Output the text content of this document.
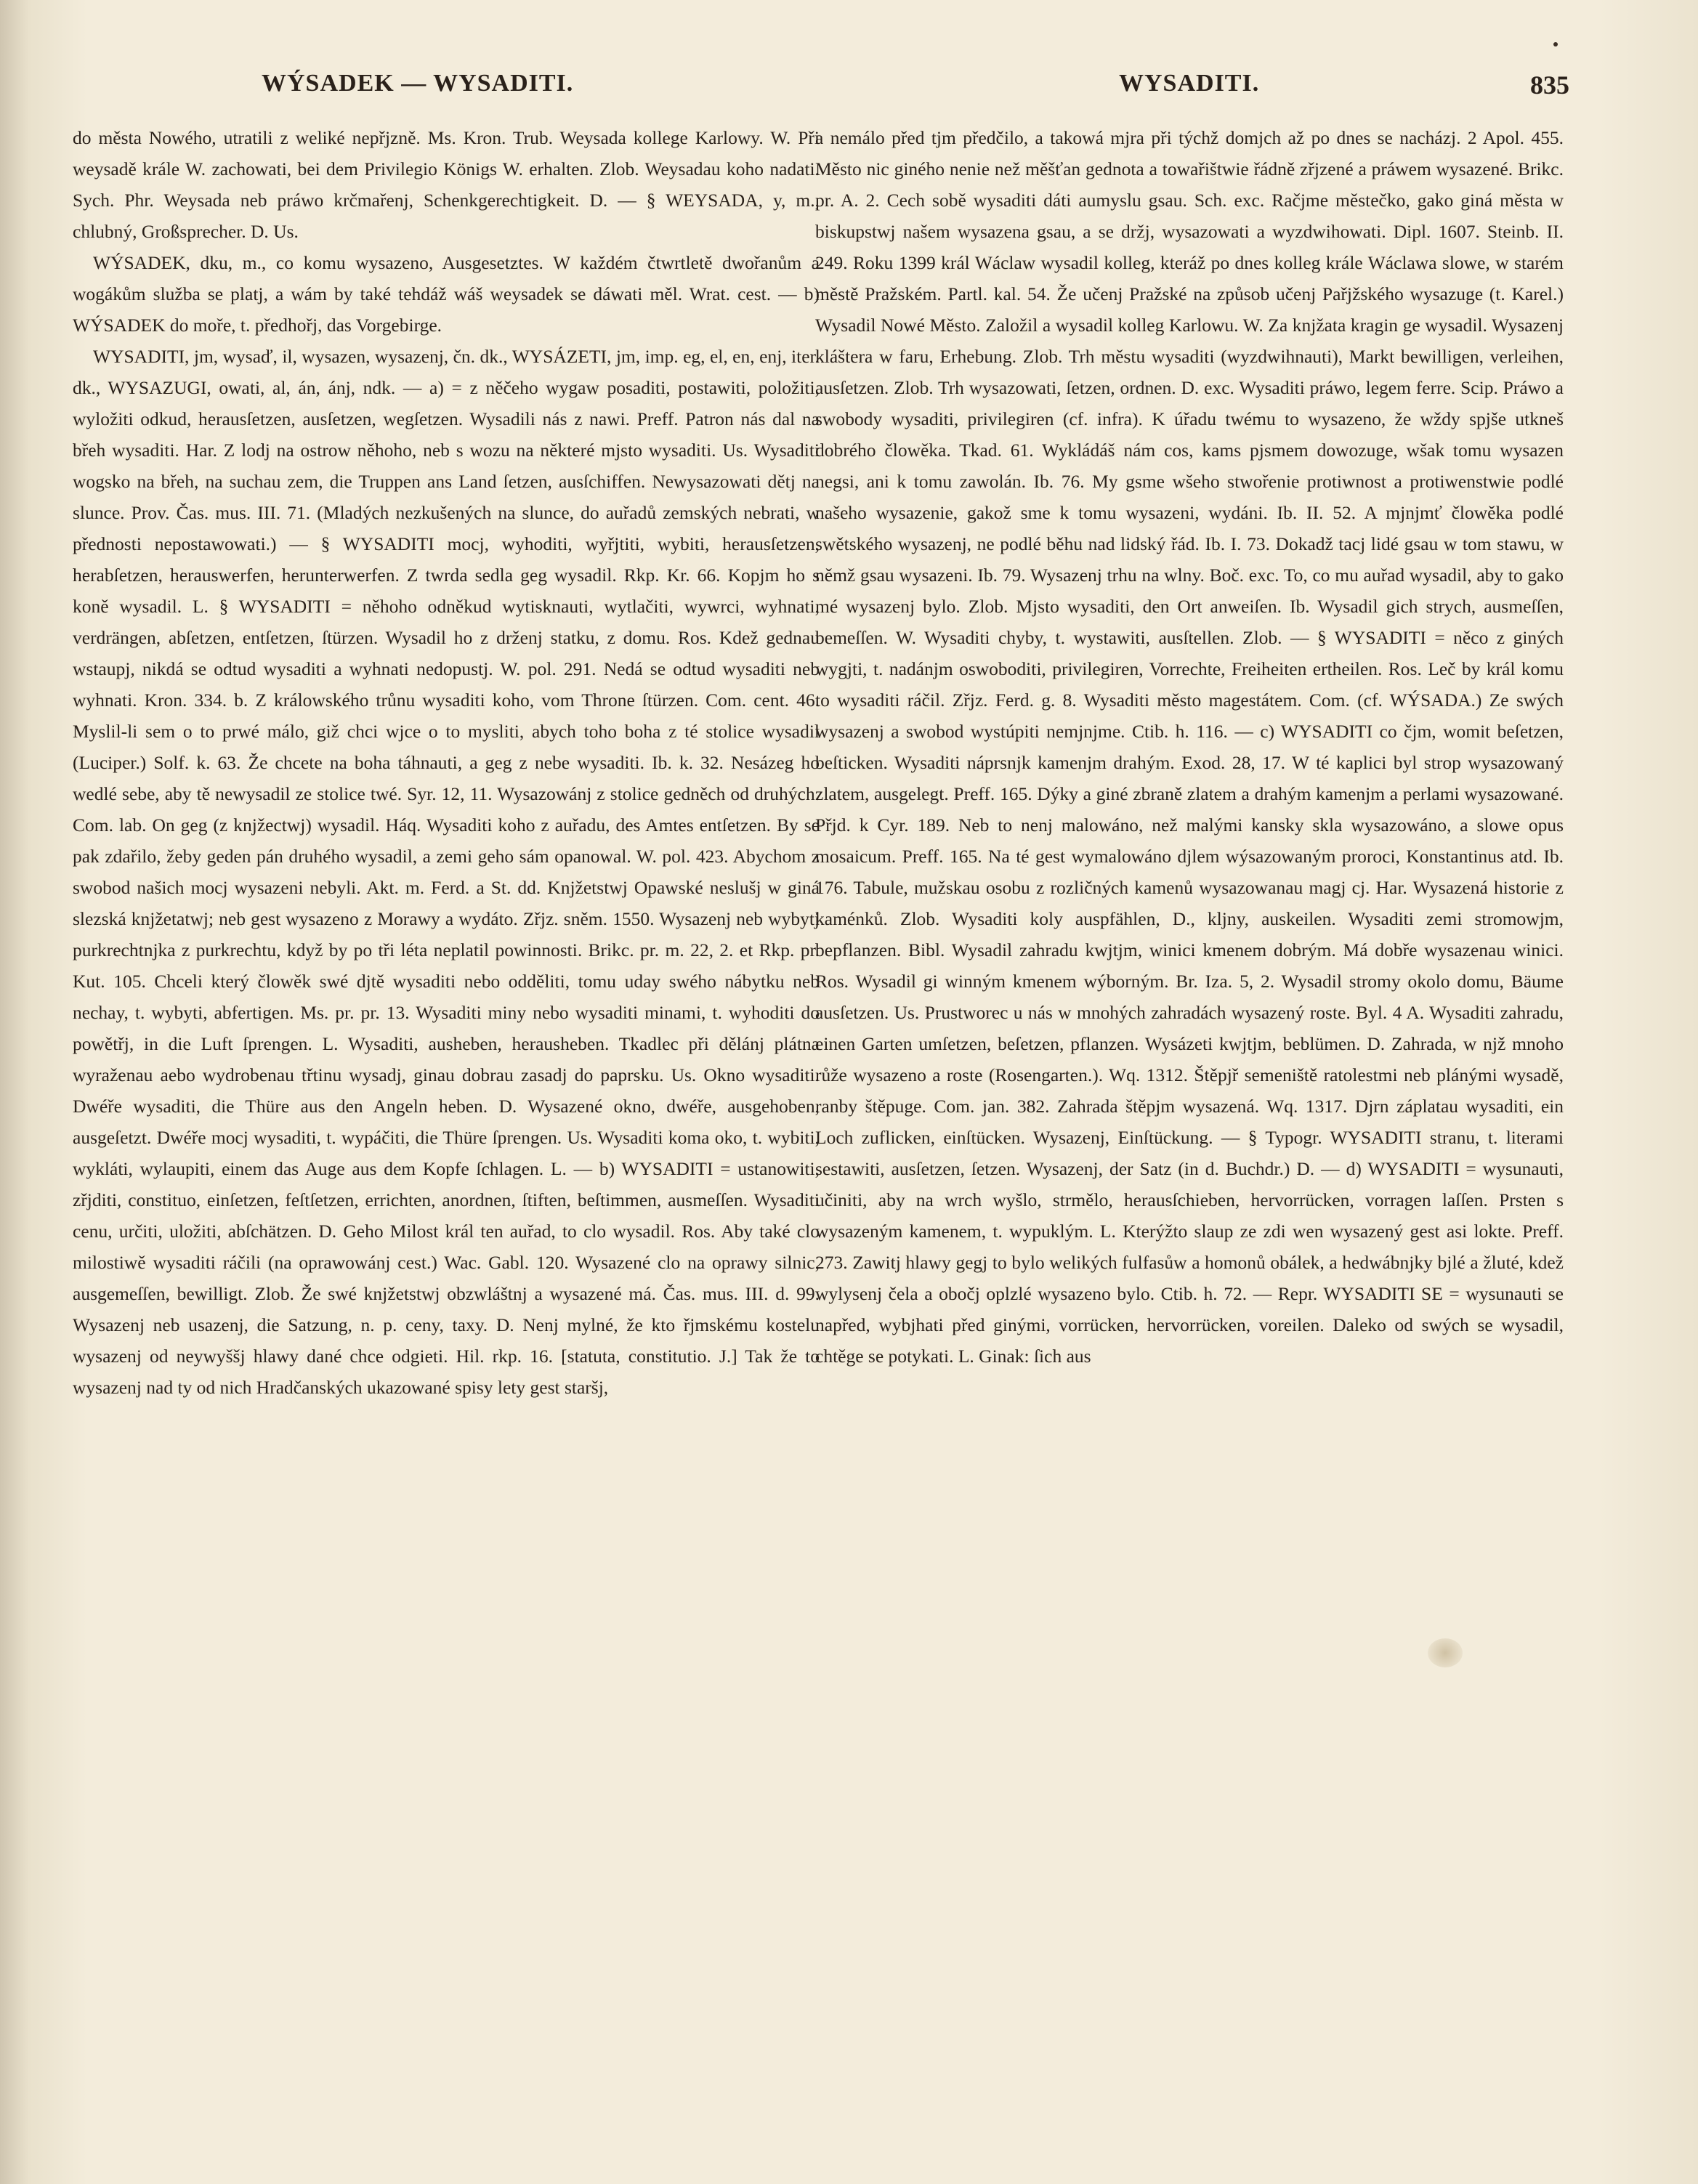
WÝSADEK — WYSADITI.	WYSADITI.	835

do města Nowého, utratili z weliké nepřjzně. Ms. Kron. Trub. Weysada kollege Karlowy. W. Při weysadě krále W. zachowati, bei dem Privilegio Königs W. erhalten. Zlob. Weysadau koho nadati. Sych. Phr. Weysada neb práwo krčmařenj, Schenkgerechtigkeit. D. — § WEYSADA, y, m., chlubný, Großsprecher. D. Us.

WÝSADEK, dku, m., co komu wysazeno, Ausgesetztes. W každém čtwrtletě dwořanům a wogákům služba se platj, a wám by také tehdáž wáš weysadek se dáwati měl. Wrat. cest. — b) WÝSADEK do moře, t. předhořj, das Vorgebirge.

WYSADITI, jm, wysaď, il, wysazen, wysazenj, čn. dk., WYSÁZETI, jm, imp. eg, el, en, enj, iter. dk., WYSAZUGI, owati, al, án, ánj, ndk. — a) = z něčeho wygaw posaditi, postawiti, položiti, wyložiti odkud, herausſetzen, ausſetzen, wegſetzen. Wysadili nás z nawi. Preff. Patron nás dal na břeh wysaditi. Har. Z lodj na ostrow něhoho, neb s wozu na některé mjsto wysaditi. Us. Wysaditi wogsko na břeh, na suchau zem, die Truppen ans Land ſetzen, ausſchiffen. Newysazowati dětj na slunce. Prov. Čas. mus. III. 71. (Mladých nezkušených na slunce, do auřadů zemských nebrati, w přednosti nepostawowati.) — § WYSADITI mocj, wyhoditi, wyřjtiti, wybiti, herausſetzen, herabſetzen, herauswerfen, herunterwerfen. Z twrda sedla geg wysadil. Rkp. Kr. 66. Kopjm ho s koně wysadil. L. § WYSADITI = něhoho odněkud wytisknauti, wytlačiti, wywrci, wyhnati, verdrängen, abſetzen, entſetzen, ſtürzen. Wysadil ho z drženj statku, z domu. Ros. Kdež gednau wstaupj, nikdá se odtud wysaditi a wyhnati nedopustj. W. pol. 291. Nedá se odtud wysaditi neb wyhnati. Kron. 334. b. Z králowského trůnu wysaditi koho, vom Throne ſtürzen. Com. cent. 46. Myslil-li sem o to prwé málo, giž chci wjce o to mysliti, abych toho boha z té stolice wysadil (Luciper.) Solf. k. 63. Že chcete na boha táhnauti, a geg z nebe wysaditi. Ib. k. 32. Nesázeg ho wedlé sebe, aby tě newysadil ze stolice twé. Syr. 12, 11. Wysazowánj z stolice gedněch od druhých. Com. lab. On geg (z knjžectwj) wysadil. Háq. Wysaditi koho z auřadu, des Amtes entſetzen. By se pak zdařilo, žeby geden pán druhého wysadil, a zemi geho sám opanowal. W. pol. 423. Abychom z swobod našich mocj wysazeni nebyli. Akt. m. Ferd. a St. dd. Knjžetstwj Opawské neslušj w giná slezská knjžetatwj; neb gest wysazeno z Morawy a wydáto. Zřjz. sněm. 1550. Wysazenj neb wybytj purkrechtnjka z purkrechtu, když by po tři léta neplatil powinnosti. Brikc. pr. m. 22, 2. et Rkp. pr. Kut. 105. Chceli který člowěk swé djtě wysaditi nebo odděliti, tomu uday swého nábytku neb nechay, t. wybyti, abfertigen. Ms. pr. pr. 13. Wysaditi miny nebo wysaditi minami, t. wyhoditi do powětřj, in die Luft ſprengen. L. Wysaditi, ausheben, herausheben. Tkadlec při dělánj plátna wyraženau aebo wydrobenau třtinu wysadj, ginau dobrau zasadj do paprsku. Us. Okno wysaditi. Dwéře wysaditi, die Thüre aus den Angeln heben. D. Wysazené okno, dwéře, ausgehoben, ausgeſetzt. Dwéře mocj wysaditi, t. wypáčiti, die Thüre ſprengen. Us. Wysaditi koma oko, t. wybiti, wykláti, wylaupiti, einem das Auge aus dem Kopfe ſchlagen. L. — b) WYSADITI = ustanowiti, zřjditi, constituo, einſetzen, feſtſetzen, errichten, anordnen, ſtiften, beſtimmen, ausmeſſen. Wysaditi cenu, určiti, uložiti, abſchätzen. D. Geho Milost král ten auřad, to clo wysadil. Ros. Aby také clo milostiwě wysaditi ráčili (na oprawowánj cest.) Wac. Gabl. 120. Wysazené clo na oprawy silnic, ausgemeſſen, bewilligt. Zlob. Že swé knjžetstwj obzwláštnj a wysazené má. Čas. mus. III. d. 99. Wysazenj neb usazenj, die Satzung, n. p. ceny, taxy. D. Nenj mylné, že kto řjmskému kostelu wysazenj od neywyššj hlawy dané chce odgieti. Hil. rkp. 16. [statuta, constitutio. J.] Tak že to wysazenj nad ty od nich Hradčanských ukazowané spisy lety gest staršj,

a nemálo před tjm předčilo, a takowá mjra při týchž domjch až po dnes se nacházj. 2 Apol. 455. Město nic giného nenie než měšťan gednota a towařištwie řádně zřjzené a práwem wysazené. Brikc. pr. A. 2. Cech sobě wysaditi dáti aumyslu gsau. Sch. exc. Račjme městečko, gako giná města w biskupstwj našem wysazena gsau, a se držj, wysazowati a wyzdwihowati. Dipl. 1607. Steinb. II. 249. Roku 1399 král Wáclaw wysadil kolleg, kteráž po dnes kolleg krále Wáclawa slowe, w starém městě Pražském. Partl. kal. 54. Že učenj Pražské na způsob učenj Pařjžského wysazuge (t. Karel.) Wysadil Nowé Město. Založil a wysadil kolleg Karlowu. W. Za knjžata kragin ge wysadil. Wysazenj kláštera w faru, Erhebung. Zlob. Trh městu wysaditi (wyzdwihnauti), Markt bewilligen, verleihen, ausſetzen. Zlob. Trh wysazowati, ſetzen, ordnen. D. exc. Wysaditi práwo, legem ferre. Scip. Práwo a swobody wysaditi, privilegiren (cf. infra). K úřadu twému to wysazeno, že wždy spjše utkneš dobrého člowěka. Tkad. 61. Wykládáš nám cos, kams pjsmem dowozuge, wšak tomu wysazen negsi, ani k tomu zawolán. Ib. 76. My gsme wšeho stwořenie protiwnost a protiwenstwie podlé našeho wysazenie, gakož sme k tomu wysazeni, wydáni. Ib. II. 52. A mjnjmť člowěka podlé swětského wysazenj, ne podlé běhu nad lidský řád. Ib. I. 73. Dokadž tacj lidé gsau w tom stawu, w němž gsau wysazeni. Ib. 79. Wysazenj trhu na wlny. Boč. exc. To, co mu auřad wysadil, aby to gako mé wysazenj bylo. Zlob. Mjsto wysaditi, den Ort anweiſen. Ib. Wysadil gich strych, ausmeſſen, bemeſſen. W. Wysaditi chyby, t. wystawiti, ausſtellen. Zlob. — § WYSADITI = něco z giných wygjti, t. nadánjm oswoboditi, privilegiren, Vorrechte, Freiheiten ertheilen. Ros. Leč by král komu to wysaditi ráčil. Zřjz. Ferd. g. 8. Wysaditi město magestátem. Com. (cf. WÝSADA.) Ze swých wysazenj a swobod wystúpiti nemjnjme. Ctib. h. 116. — c) WYSADITI co čjm, womit beſetzen, beſticken. Wysaditi náprsnjk kamenjm drahým. Exod. 28, 17. W té kaplici byl strop wysazowaný zlatem, ausgelegt. Preff. 165. Dýky a giné zbraně zlatem a drahým kamenjm a perlami wysazowané. Přjd. k Cyr. 189. Neb to nenj malowáno, než malými kansky skla wysazowáno, a slowe opus mosaicum. Preff. 165. Na té gest wymalowáno djlem wýsazowaným proroci, Konstantinus atd. Ib. 176. Tabule, mužskau osobu z rozličných kamenů wysazowanau magj cj. Har. Wysazená historie z kaménků. Zlob. Wysaditi koly auspfählen, D., kljny, auskeilen. Wysaditi zemi stromowjm, bepflanzen. Bibl. Wysadil zahradu kwjtjm, winici kmenem dobrým. Má dobře wysazenau winici. Ros. Wysadil gi winným kmenem wýborným. Br. Iza. 5, 2. Wysadil stromy okolo domu, Bäume ausſetzen. Us. Prustworec u nás w mnohých zahradách wysazený roste. Byl. 4 A. Wysaditi zahradu, einen Garten umſetzen, beſetzen, pflanzen. Wysázeti kwjtjm, beblümen. D. Zahrada, w njž mnoho růže wysazeno a roste (Rosengarten.). Wq. 1312. Štěpjř semeniště ratolestmi neb plánými wysadě, ranby štěpuge. Com. jan. 382. Zahrada štěpjm wysazená. Wq. 1317. Djrn záplatau wysaditi, ein Loch zuflicken, einſtücken. Wysazenj, Einſtückung. — § Typogr. WYSADITI stranu, t. literami sestawiti, ausſetzen, ſetzen. Wysazenj, der Satz (in d. Buchdr.) D. — d) WYSADITI = wysunauti, učiniti, aby na wrch wyšlo, strmělo, herausſchieben, hervorrücken, vorragen laſſen. Prsten s wysazeným kamenem, t. wypuklým. L. Kterýžto slaup ze zdi wen wysazený gest asi lokte. Preff. 273. Zawitj hlawy gegj to bylo welikých fulfasůw a homonů obálek, a hedwábnjky bjlé a žluté, kdež wylysenj čela a obočj oplzlé wysazeno bylo. Ctib. h. 72. — Repr. WYSADITI SE = wysunauti se napřed, wybjhati před ginými, vorrücken, hervorrücken, voreilen. Daleko od swých se wysadil, chtěge se potykati. L. Ginak: ſich aus
